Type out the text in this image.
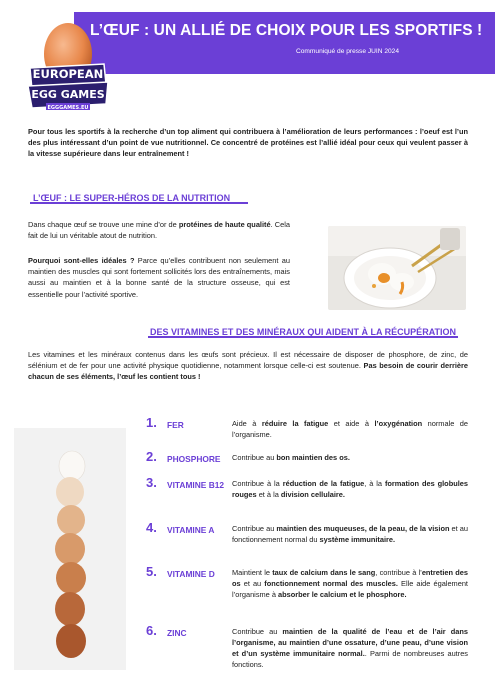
L’ŒUF : UN ALLIÉ DE CHOIX POUR LES SPORTIFS !
Communiqué de presse JUIN 2024
EUROPEAN
EGG GAMES
EGGGAMES.EU
Pour tous les sportifs à la recherche d’un top aliment qui contribuera à l’amélioration de leurs performances : l’oeuf est l’un des plus intéressant d’un point de vue nutritionnel. Ce concentré de protéines est l’allié idéal pour ceux qui veulent passer à la vitesse supérieure dans leur entraînement !
L’ŒUF : LE SUPER-HÉROS DE LA NUTRITION
Dans chaque œuf se trouve une mine d’or de protéines de haute qualité. Cela fait de lui un véritable atout de nutrition.
Pourquoi sont-elles idéales ? Parce qu’elles contribuent non seulement au maintien des muscles qui sont fortement sollicités lors des entraînements, mais aussi au maintien et à la bonne santé de la structure osseuse, qui est essentielle pour l’activité sportive.
DES VITAMINES ET DES MINÉRAUX QUI AIDENT À LA RÉCUPÉRATION
Les vitamines et les minéraux contenus dans les œufs sont précieux. Il est nécessaire de disposer de phosphore, de zinc, de sélénium et de fer pour une activité physique quotidienne, notamment lorsque celle-ci est soutenue. Pas besoin de courir derrière chacun de ses éléments, l’œuf les contient tous !
1. FER	Aide à réduire la fatigue et aide à l’oxygénation normale de l’organisme.
2. PHOSPHORE Contribue au bon maintien des os.
3. VITAMINE B12 Contribue à la réduction de la fatigue, à la formation des globules rouges et à la division cellulaire.
4. VITAMINE A Contribue au maintien des muqueuses, de la peau, de la vision et au fonctionnement normal du système immunitaire.
5. VITAMINE D Maintient le taux de calcium dans le sang, contribue à l’entretien des os et au fonctionnement normal des muscles. Elle aide également l’organisme à absorber le calcium et le phosphore.
6. ZINC	Contribue au maintien de la qualité de l’eau et de l’air dans l’organisme, au maintien d’une ossature, d’une peau, d’une vision et d’un système immunitaire normal.. Parmi de nombreuses autres fonctions.
